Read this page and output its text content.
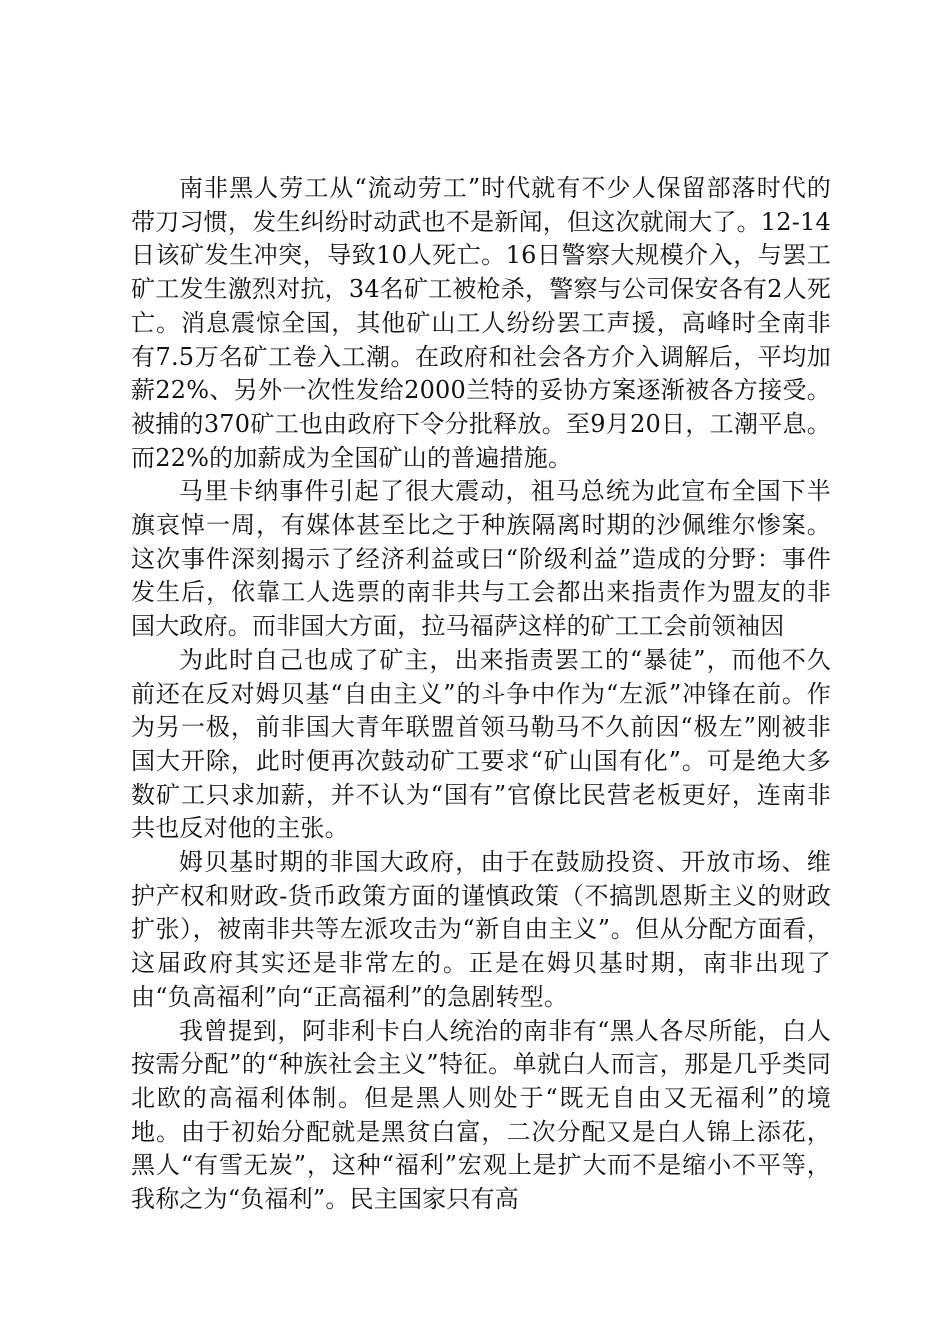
南非黑人劳工从“流动劳工”时代就有不少人保留部落时代的带刀习惯，发生纠纷时动武也不是新闻，但这次就闹大了。12-14日该矿发生冲突，导致10人死亡。16日警察大规模介入，与罢工矿工发生激烈对抗，34名矿工被枪杀，警察与公司保安各有2人死亡。消息震惊全国，其他矿山工人纷纷罢工声援，高峰时全南非有7.5万名矿工卷入工潮。在政府和社会各方介入调解后，平均加薪22%、另外一次性发给2000兰特的妥协方案逐渐被各方接受。被捕的370矿工也由政府下令分批释放。至9月20日，工潮平息。而22%的加薪成为全国矿山的普遍措施。

马里卡纳事件引起了很大震动，祖马总统为此宣布全国下半旗哀悼一周，有媒体甚至比之于种族隔离时期的沙佩维尔惨案。这次事件深刻揭示了经济利益或曰“阶级利益”造成的分野：事件发生后，依靠工人选票的南非共与工会都出来指责作为盟友的非国大政府。而非国大方面，拉马福萨这样的矿工工会前领袖因

为此时自己也成了矿主，出来指责罢工的“暴徒”，而他不久前还在反对姆贝基“自由主义”的斗争中作为“左派”冲锋在前。作为另一极，前非国大青年联盟首领马勒马不久前因“极左”刚被非国大开除，此时便再次鼓动矿工要求“矿山国有化”。可是绝大多数矿工只求加薪，并不认为“国有”官僚比民营老板更好，连南非共也反对他的主张。

姆贝基时期的非国大政府，由于在鼓励投资、开放市场、维护产权和财政-货币政策方面的谨慎政策（不搞凯恩斯主义的财政扩张），被南非共等左派攻击为“新自由主义”。但从分配方面看，这届政府其实还是非常左的。正是在姆贝基时期，南非出现了由“负高福利”向“正高福利”的急剧转型。

我曾提到，阿非利卡白人统治的南非有“黑人各尽所能，白人按需分配”的“种族社会主义”特征。单就白人而言，那是几乎类同北欧的高福利体制。但是黑人则处于“既无自由又无福利”的境地。由于初始分配就是黑贫白富，二次分配又是白人锦上添花，黑人“有雪无炭”，这种“福利”宏观上是扩大而不是缩小不平等，我称之为“负福利”。民主国家只有高
